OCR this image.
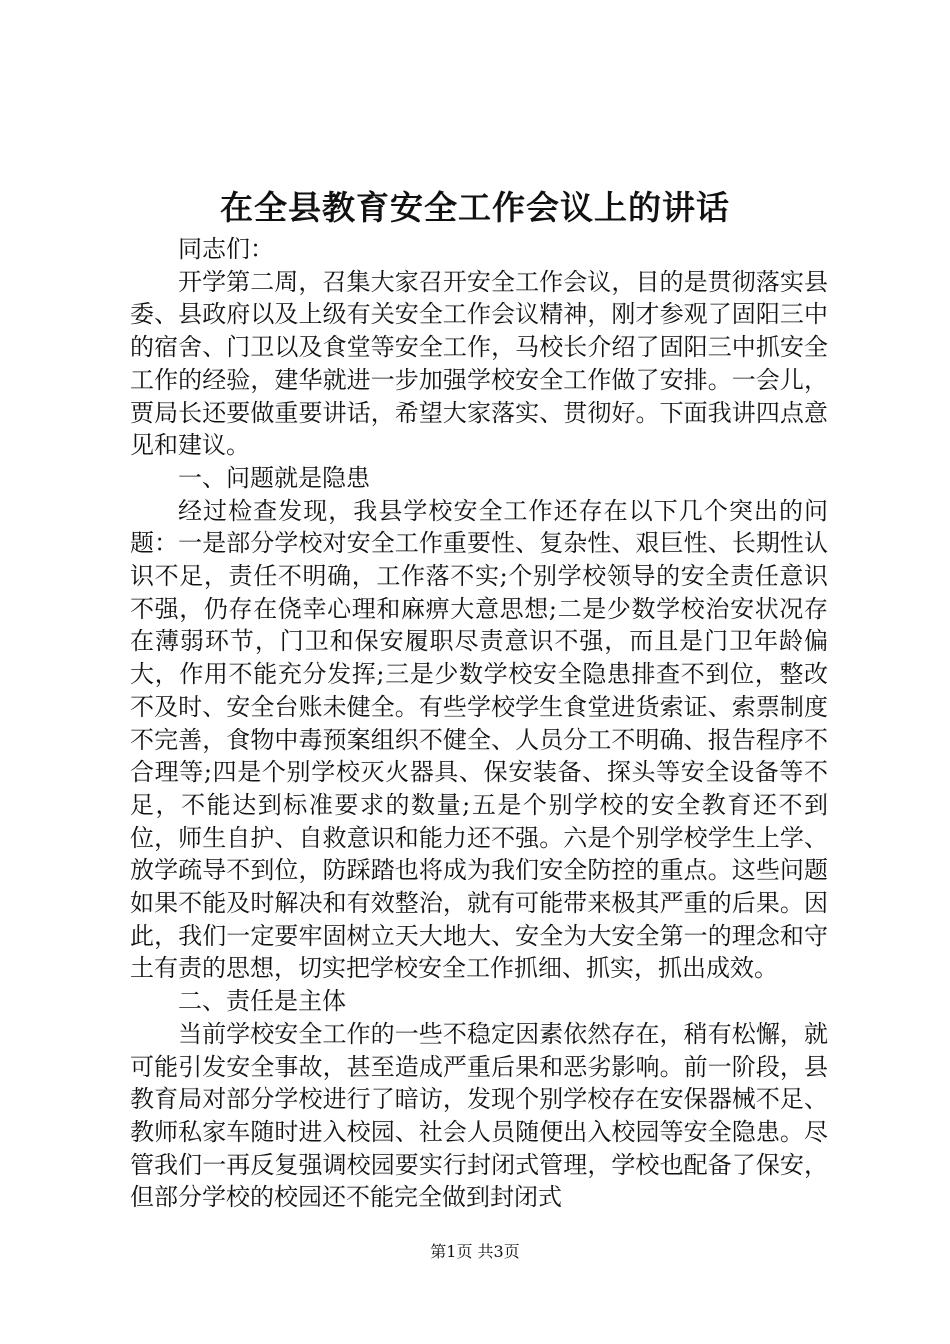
在全县教育安全工作会议上的讲话

同志们：

开学第二周，召集大家召开安全工作会议，目的是贯彻落实县委、县政府以及上级有关安全工作会议精神，刚才参观了固阳三中的宿舍、门卫以及食堂等安全工作，马校长介绍了固阳三中抓安全工作的经验，建华就进一步加强学校安全工作做了安排。一会儿，贾局长还要做重要讲话，希望大家落实、贯彻好。下面我讲四点意见和建议。

一、问题就是隐患

经过检查发现，我县学校安全工作还存在以下几个突出的问题：一是部分学校对安全工作重要性、复杂性、艰巨性、长期性认识不足，责任不明确，工作落不实;个别学校领导的安全责任意识不强，仍存在侥幸心理和麻痹大意思想;二是少数学校治安状况存在薄弱环节，门卫和保安履职尽责意识不强，而且是门卫年龄偏大，作用不能充分发挥;三是少数学校安全隐患排查不到位，整改不及时、安全台账未健全。有些学校学生食堂进货索证、索票制度不完善，食物中毒预案组织不健全、人员分工不明确、报告程序不合理等;四是个别学校灭火器具、保安装备、探头等安全设备等不足，不能达到标准要求的数量;五是个别学校的安全教育还不到位，师生自护、自救意识和能力还不强。六是个别学校学生上学、放学疏导不到位，防踩踏也将成为我们安全防控的重点。这些问题如果不能及时解决和有效整治，就有可能带来极其严重的后果。因此，我们一定要牢固树立天大地大、安全为大安全第一的理念和守土有责的思想，切实把学校安全工作抓细、抓实，抓出成效。

二、责任是主体

当前学校安全工作的一些不稳定因素依然存在，稍有松懈，就可能引发安全事故，甚至造成严重后果和恶劣影响。前一阶段，县教育局对部分学校进行了暗访，发现个别学校存在安保器械不足、教师私家车随时进入校园、社会人员随便出入校园等安全隐患。尽管我们一再反复强调校园要实行封闭式管理，学校也配备了保安，但部分学校的校园还不能完全做到封闭式

第1页 共3页
